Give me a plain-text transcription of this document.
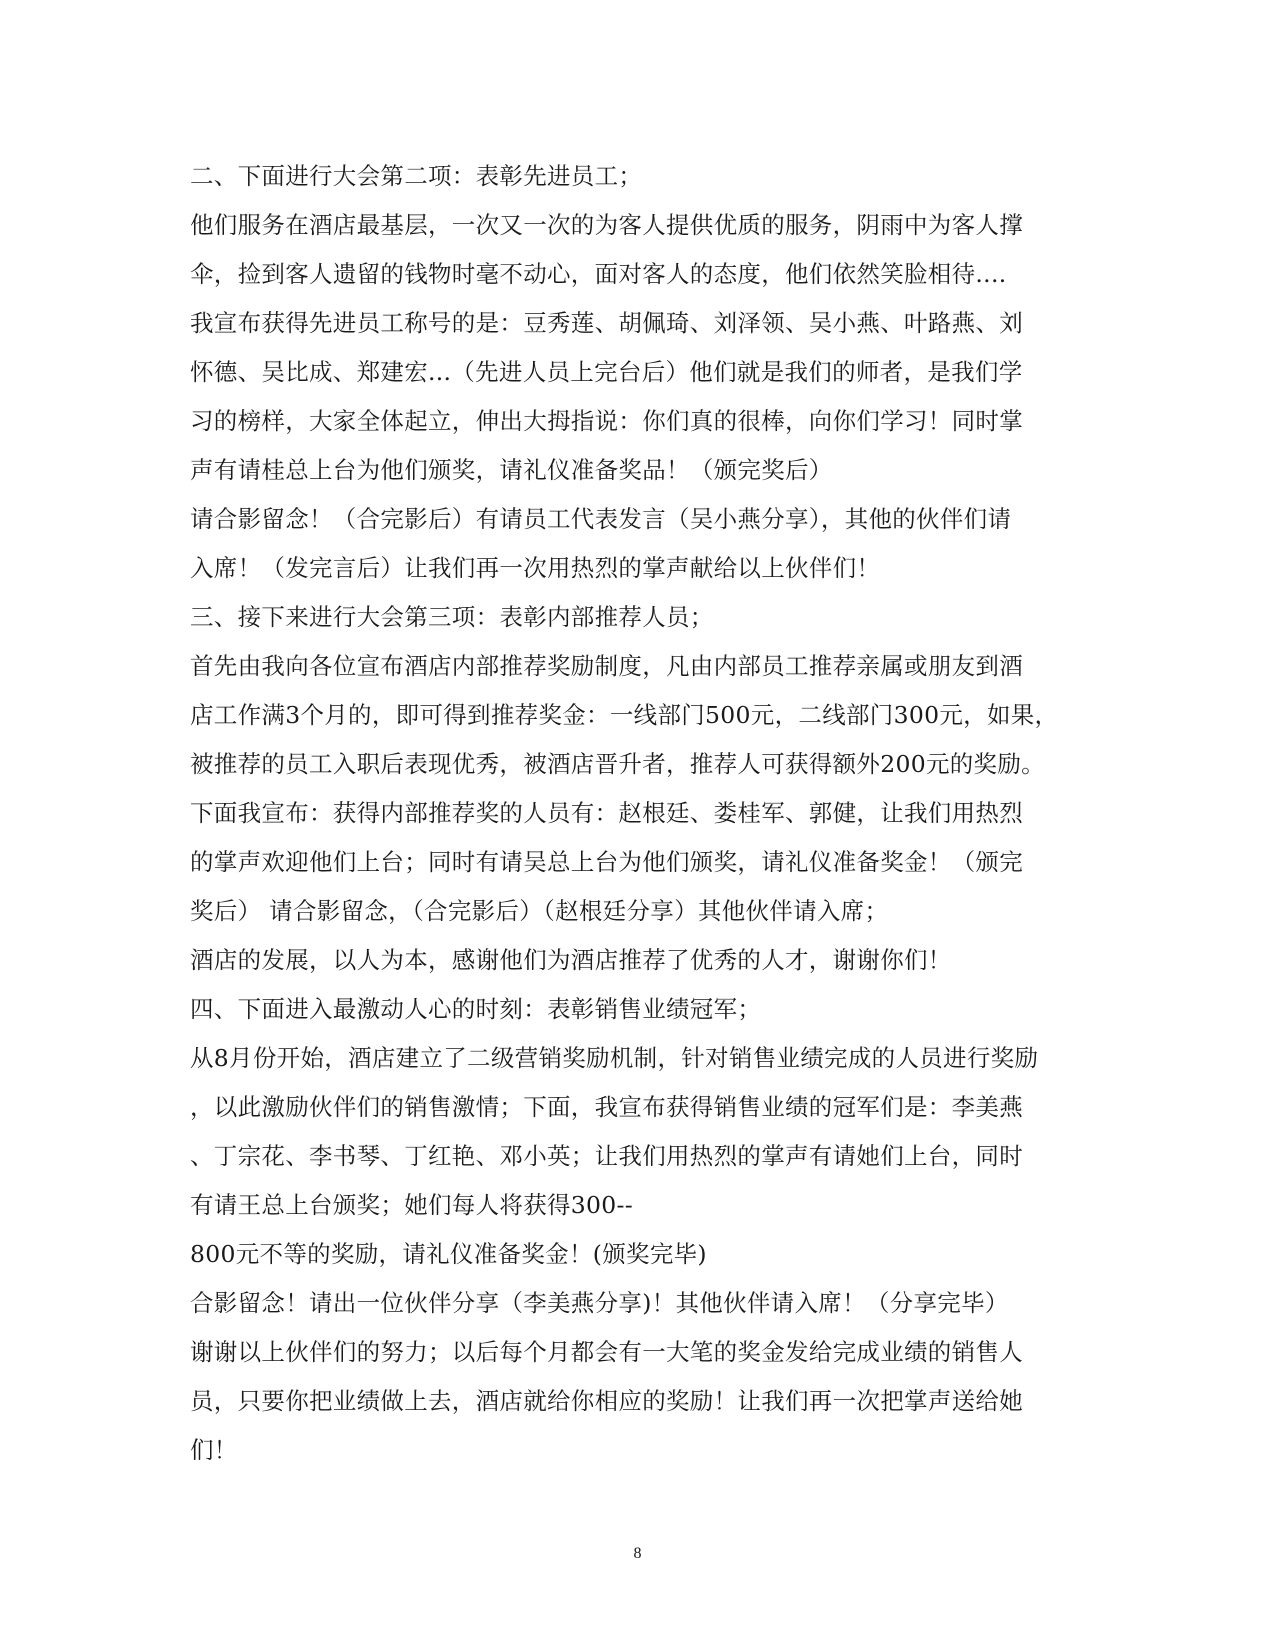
二、下面进行大会第二项：表彰先进员工；
他们服务在酒店最基层，一次又一次的为客人提供优质的服务，阴雨中为客人撑
伞，捡到客人遗留的钱物时毫不动心，面对客人的态度，他们依然笑脸相待....
我宣布获得先进员工称号的是：豆秀莲、胡佩琦、刘泽领、吴小燕、叶路燕、刘
怀德、吴比成、郑建宏...（先进人员上完台后）他们就是我们的师者，是我们学
习的榜样，大家全体起立，伸出大拇指说：你们真的很棒，向你们学习！同时掌
声有请桂总上台为他们颁奖，请礼仪准备奖品！（颁完奖后）
请合影留念！（合完影后）有请员工代表发言（吴小燕分享），其他的伙伴们请
入席！（发完言后）让我们再一次用热烈的掌声献给以上伙伴们！
三、接下来进行大会第三项：表彰内部推荐人员；
首先由我向各位宣布酒店内部推荐奖励制度，凡由内部员工推荐亲属或朋友到酒
店工作满3个月的，即可得到推荐奖金：一线部门500元，二线部门300元，如果，
被推荐的员工入职后表现优秀，被酒店晋升者，推荐人可获得额外200元的奖励。
下面我宣布：获得内部推荐奖的人员有：赵根廷、娄桂军、郭健，让我们用热烈
的掌声欢迎他们上台；同时有请吴总上台为他们颁奖，请礼仪准备奖金！（颁完
奖后） 请合影留念，（合完影后）（赵根廷分享）其他伙伴请入席；
酒店的发展，以人为本，感谢他们为酒店推荐了优秀的人才，谢谢你们！
四、下面进入最激动人心的时刻：表彰销售业绩冠军；
从8月份开始，酒店建立了二级营销奖励机制，针对销售业绩完成的人员进行奖励
，以此激励伙伴们的销售激情；下面，我宣布获得销售业绩的冠军们是：李美燕
、丁宗花、李书琴、丁红艳、邓小英；让我们用热烈的掌声有请她们上台，同时
有请王总上台颁奖；她们每人将获得300--
800元不等的奖励，请礼仪准备奖金！(颁奖完毕)
合影留念！请出一位伙伴分享（李美燕分享)！其他伙伴请入席！（分享完毕）
谢谢以上伙伴们的努力；以后每个月都会有一大笔的奖金发给完成业绩的销售人
员，只要你把业绩做上去，酒店就给你相应的奖励！让我们再一次把掌声送给她
们！
8
